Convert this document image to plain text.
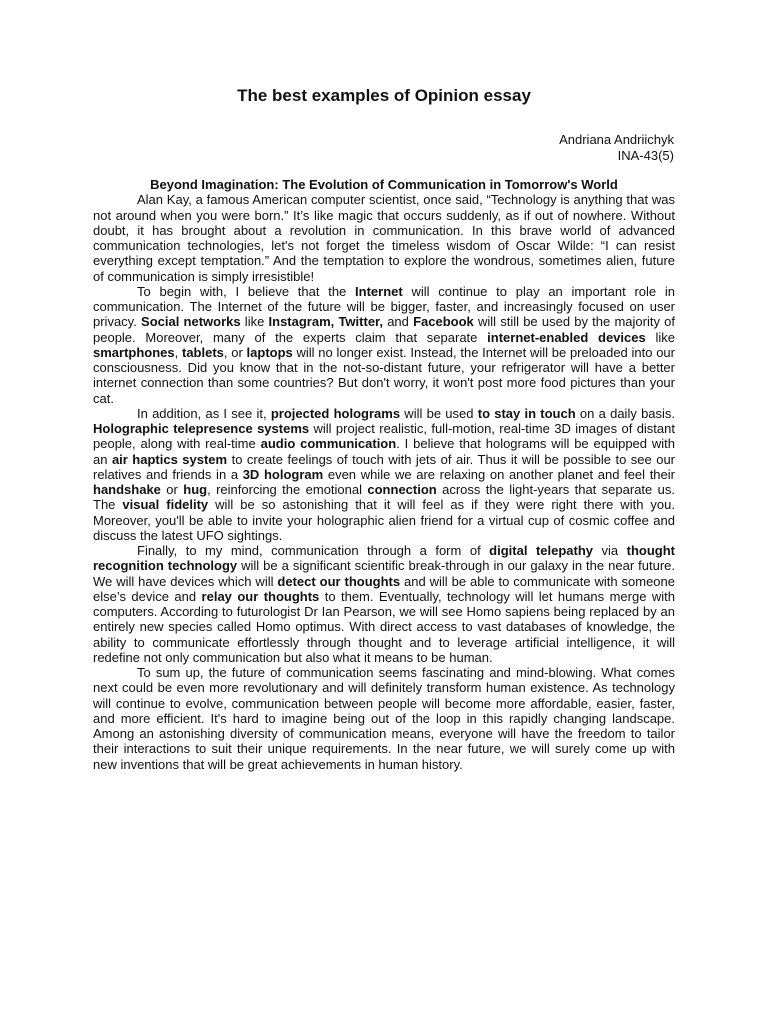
The best examples of Opinion essay
Andriana Andriichyk
INA-43(5)

Beyond Imagination: The Evolution of Communication in Tomorrow's World

Alan Kay, a famous American computer scientist, once said, “Technology is anything that was not around when you were born.” It’s like magic that occurs suddenly, as if out of nowhere. Without doubt, it has brought about a revolution in communication. In this brave world of advanced communication technologies, let's not forget the timeless wisdom of Oscar Wilde: “I can resist everything except temptation.” And the temptation to explore the wondrous, sometimes alien, future of communication is simply irresistible!

To begin with, I believe that the Internet will continue to play an important role in communication. The Internet of the future will be bigger, faster, and increasingly focused on user privacy. Social networks like Instagram, Twitter, and Facebook will still be used by the majority of people. Moreover, many of the experts claim that separate internet-enabled devices like smartphones, tablets, or laptops will no longer exist. Instead, the Internet will be preloaded into our consciousness. Did you know that in the not-so-distant future, your refrigerator will have a better internet connection than some countries? But don't worry, it won't post more food pictures than your cat.

In addition, as I see it, projected holograms will be used to stay in touch on a daily basis. Holographic telepresence systems will project realistic, full-motion, real-time 3D images of distant people, along with real-time audio communication. I believe that holograms will be equipped with an air haptics system to create feelings of touch with jets of air. Thus it will be possible to see our relatives and friends in a 3D hologram even while we are relaxing on another planet and feel their handshake or hug, reinforcing the emotional connection across the light-years that separate us. The visual fidelity will be so astonishing that it will feel as if they were right there with you. Moreover, you'll be able to invite your holographic alien friend for a virtual cup of cosmic coffee and discuss the latest UFO sightings.

Finally, to my mind, communication through a form of digital telepathy via thought recognition technology will be a significant scientific break-through in our galaxy in the near future. We will have devices which will detect our thoughts and will be able to communicate with someone else’s device and relay our thoughts to them. Eventually, technology will let humans merge with computers. According to futurologist Dr Ian Pearson, we will see Homo sapiens being replaced by an entirely new species called Homo optimus. With direct access to vast databases of knowledge, the ability to communicate effortlessly through thought and to leverage artificial intelligence, it will redefine not only communication but also what it means to be human.

To sum up, the future of communication seems fascinating and mind-blowing. What comes next could be even more revolutionary and will definitely transform human existence. As technology will continue to evolve, communication between people will become more affordable, easier, faster, and more efficient. It's hard to imagine being out of the loop in this rapidly changing landscape. Among an astonishing diversity of communication means, everyone will have the freedom to tailor their interactions to suit their unique requirements. In the near future, we will surely come up with new inventions that will be great achievements in human history.
